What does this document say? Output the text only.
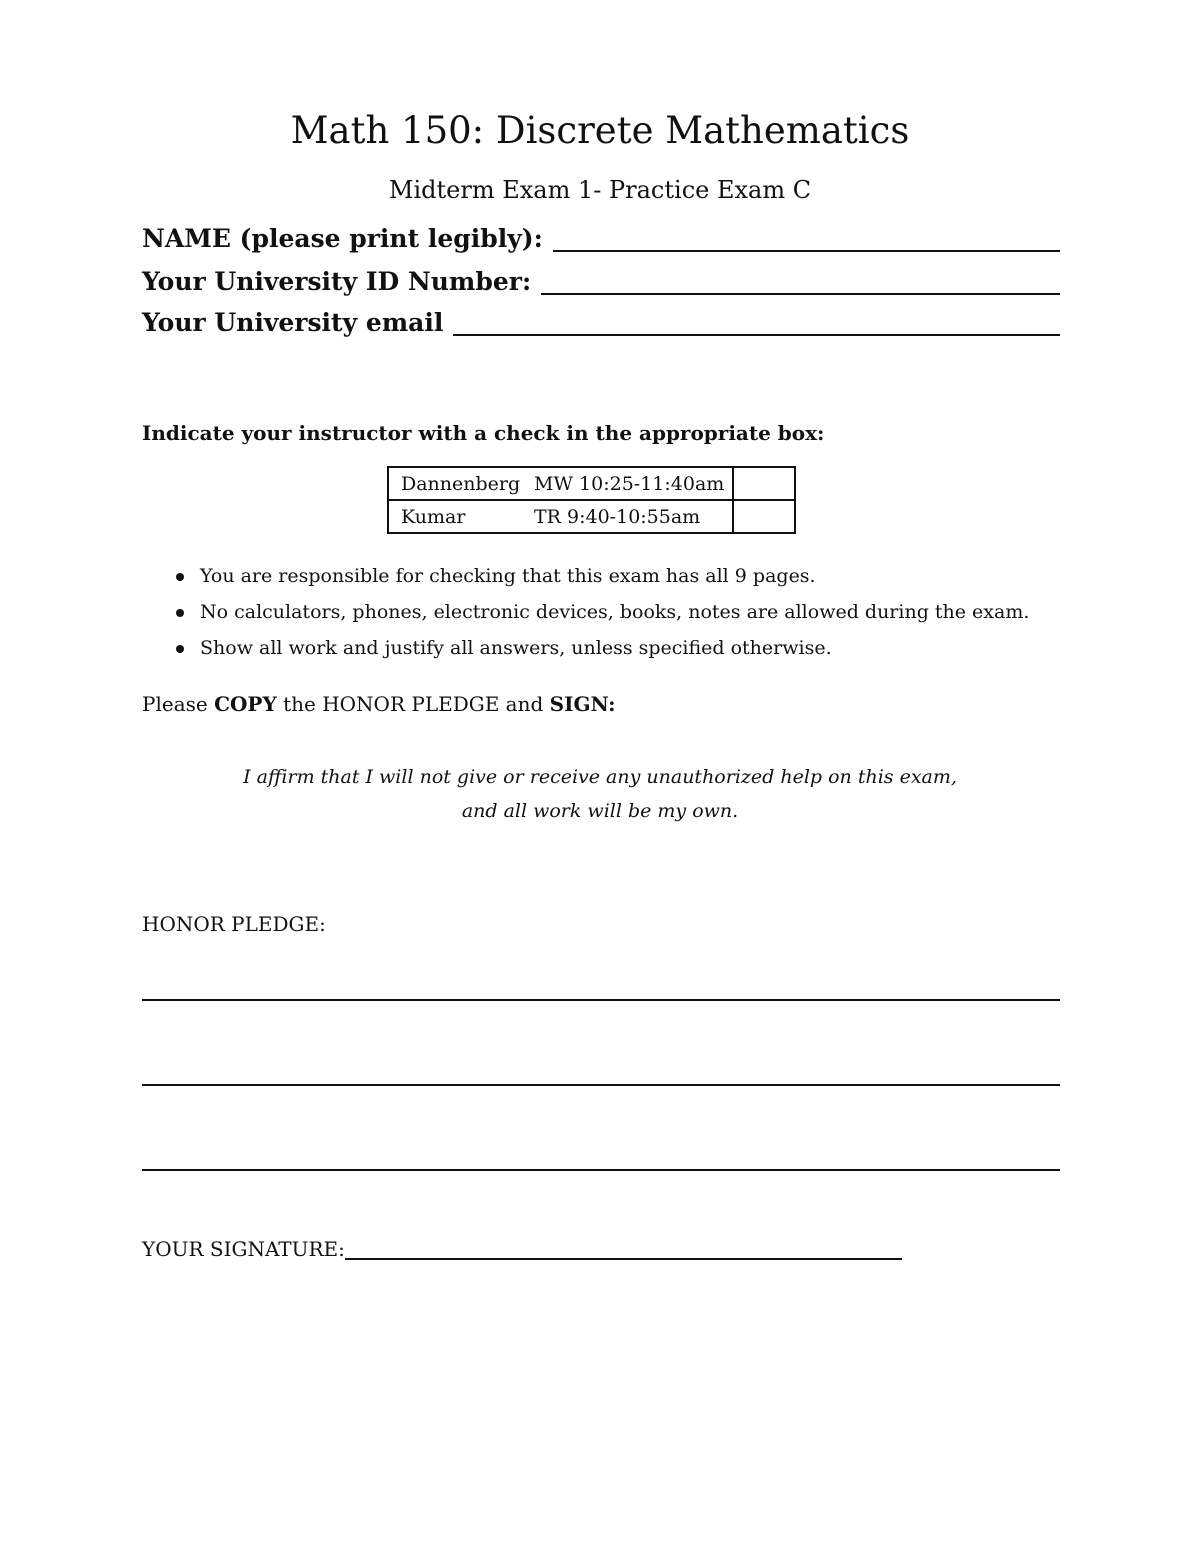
Math 150: Discrete Mathematics
Midterm Exam 1- Practice Exam C
NAME (please print legibly):
Your University ID Number:
Your University email
Indicate your instructor with a check in the appropriate box:
Dannenberg	MW 10:25-11:40am	
Kumar	TR 9:40-10:55am	
You are responsible for checking that this exam has all 9 pages.
No calculators, phones, electronic devices, books, notes are allowed during the exam.
Show all work and justify all answers, unless specified otherwise.
Please COPY the HONOR PLEDGE and SIGN:
I affirm that I will not give or receive any unauthorized help on this exam,
and all work will be my own.
HONOR PLEDGE:
YOUR SIGNATURE:
